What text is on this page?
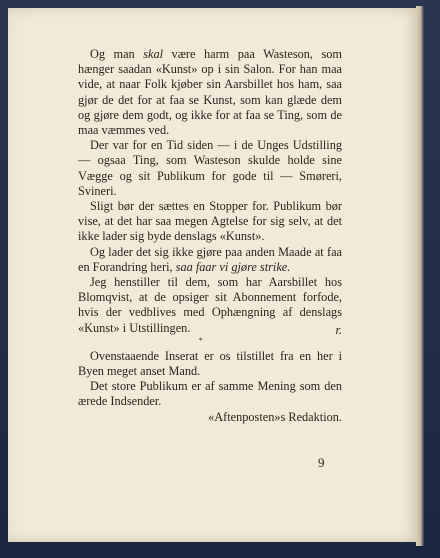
Og man skal være harm paa Wasteson, som hænger saadan «Kunst» op i sin Salon. For han maa vide, at naar Folk kjøber sin Aarsbillet hos ham, saa gjør de det for at faa se Kunst, som kan glæde dem og gjøre dem godt, og ikke for at faa se Ting, som de maa væmmes ved.

Der var for en Tid siden — i de Unges Udstilling — ogsaa Ting, som Wasteson skulde holde sine Vægge og sit Publikum for gode til — Smøreri, Svineri.

Sligt bør der sættes en Stopper for. Publikum bør vise, at det har saa megen Agtelse for sig selv, at det ikke lader sig byde denslags «Kunst».

Og lader det sig ikke gjøre paa anden Maade at faa en Forandring heri, saa faar vi gjøre strike.

Jeg henstiller til dem, som har Aarsbillet hos Blomqvist, at de opsiger sit Abonnement forfode, hvis der vedblives med Ophængning af denslags «Kunst» i Utstillingen.	r.

*

Ovenstaaende Inserat er os tilstillet fra en her i Byen meget anset Mand.

Det store Publikum er af samme Mening som den ærede Indsender.

«Aftenposten»s Redaktion.

9
